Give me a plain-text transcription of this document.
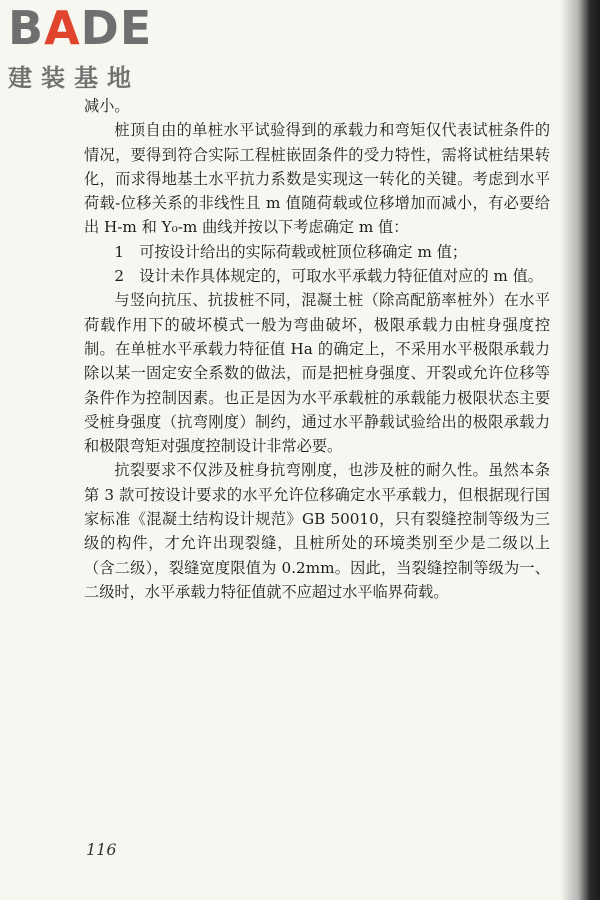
BADE
建装基地

减小。

桩顶自由的单桩水平试验得到的承载力和弯矩仅代表试桩条件的情况，要得到符合实际工程桩嵌固条件的受力特性，需将试桩结果转化，而求得地基土水平抗力系数是实现这一转化的关键。考虑到水平荷载-位移关系的非线性且 m 值随荷载或位移增加而减小，有必要给出 H-m 和 Y₀-m 曲线并按以下考虑确定 m 值：

1　可按设计给出的实际荷载或桩顶位移确定 m 值；

2　设计未作具体规定的，可取水平承载力特征值对应的 m 值。

与竖向抗压、抗拔桩不同，混凝土桩（除高配筋率桩外）在水平荷载作用下的破坏模式一般为弯曲破坏，极限承载力由桩身强度控制。在单桩水平承载力特征值 Ha 的确定上，不采用水平极限承载力除以某一固定安全系数的做法，而是把桩身强度、开裂或允许位移等条件作为控制因素。也正是因为水平承载桩的承载能力极限状态主要受桩身强度（抗弯刚度）制约，通过水平静载试验给出的极限承载力和极限弯矩对强度控制设计非常必要。

抗裂要求不仅涉及桩身抗弯刚度，也涉及桩的耐久性。虽然本条第 3 款可按设计要求的水平允许位移确定水平承载力，但根据现行国家标准《混凝土结构设计规范》GB 50010，只有裂缝控制等级为三级的构件，才允许出现裂缝，且桩所处的环境类别至少是二级以上（含二级），裂缝宽度限值为 0.2mm。因此，当裂缝控制等级为一、二级时，水平承载力特征值就不应超过水平临界荷载。

116
